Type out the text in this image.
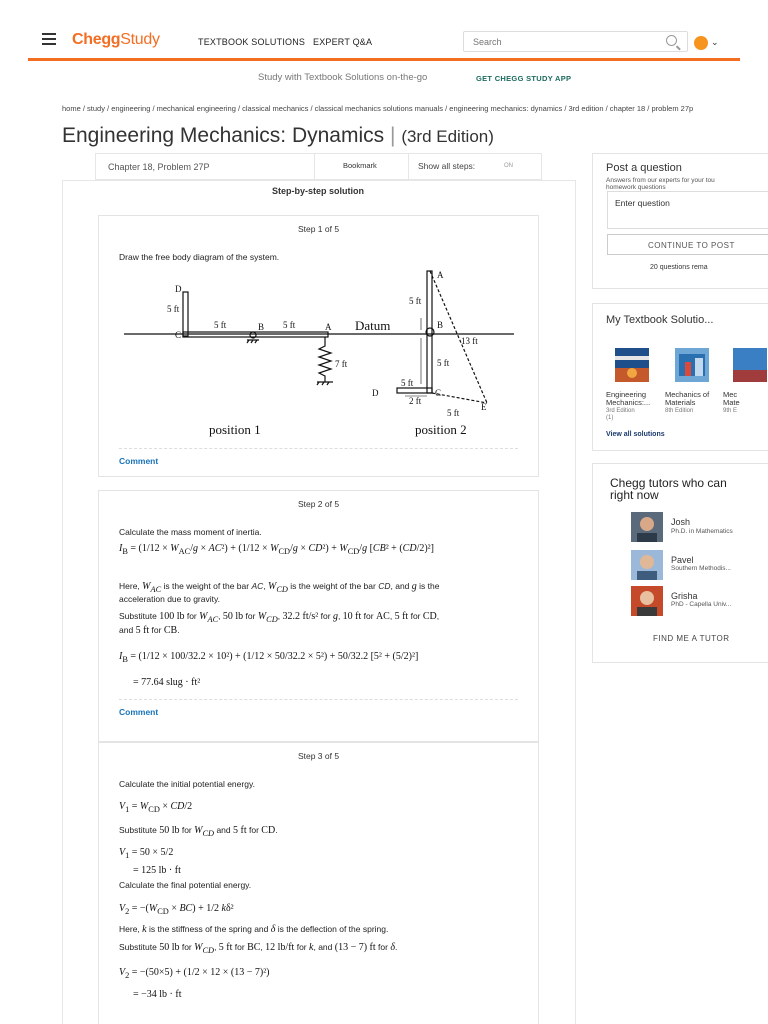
CheggStudy	TEXTBOOK SOLUTIONS EXPERT Q&A
Search	⌄
Study with Textbook Solutions on-the-go	GET CHEGG STUDY APP
home / study / engineering / mechanical engineering / classical mechanics / classical mechanics solutions manuals / engineering mechanics: dynamics / 3rd edition / chapter 18 / problem 27p
Engineering Mechanics: Dynamics | (3rd Edition)
Chapter 18, Problem 27P	Bookmark	Show all steps:	ON
Step-by-step solution
Step 1 of 5
Draw the free body diagram of the system.
D
5 ft
C
5 ft	B 5 ft	A
7 ft
A
5 ft
B
13 ft
5 ft
5 ft
C
D
2 ft
5 ft
E
Datum
position 1	position 2
Comment
Step 2 of 5
Calculate the mass moment of inertia.
$I_B = (1/12 \times W_{AC}/g \times AC^2) + (1/12 \times W_{CD}/g \times CD^2) + W_{CD}/g$ [CB² + (CD/2)²]
Here, $W_{AC}$ is the weight of the bar AC, $W_{CD}$ is the weight of the bar CD, and g is the
acceleration due to gravity.
Substitute 100 lb for $W_{AC}$, 50 lb for $W_{CD}$, 32.2 ft/s² for g, 10 ft for AC, 5 ft for CD,
and 5 ft for CB.
$I_B = (1/12 \times 100/32.2 \times 10^2) + (1/12 \times 50/32.2 \times 5^2) + 50/32.2$ [5² + (5/2)²]
= 77.64 slug · ft²
Comment
Step 3 of 5
Calculate the initial potential energy.
$V_1 = W_{CD} \times CD/2$
Substitute 50 lb for $W_{CD}$ and 5 ft for CD.
$V_1 = 50 \times 5/2$
= 125 lb · ft
Calculate the final potential energy.
$V_2 = -(W_{CD} \times BC) + 1/2$ kδ²
Here, k is the stiffness of the spring and δ is the deflection of the spring.
Substitute 50 lb for $W_{CD}$, 5 ft for BC, 12 lb/ft for k, and (13 − 7) ft for δ.
$V_2 = -(50\times 5) + (1/2 \times 12 \times (13 - 7)^2)$
= −34 lb · ft
Post a question
Answers from our experts for your tou
homework questions
Enter question
CONTINUE TO POST
20 questions rema
My Textbook Solutio...
Engineering
Mechanics:...
3rd Edition
(1)
Mechanics of
Materials
8th Edition
Mec
Mate
9th E
View all solutions
Chegg tutors who can
right now
Josh
Ph.D. in Mathematics
Pavel
Southern Methodis...
Grisha
PhD - Capella Univ...
FIND ME A TUTOR
